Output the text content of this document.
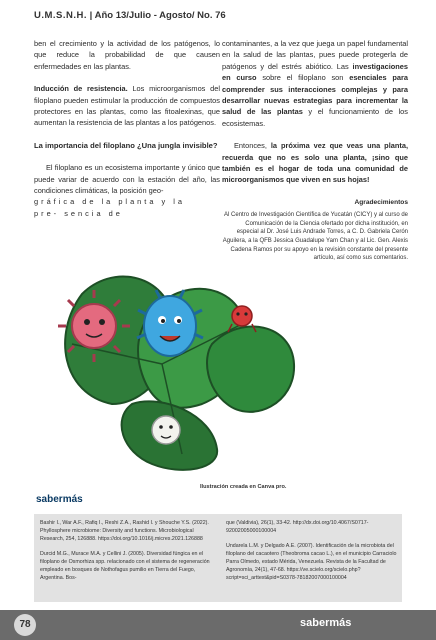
U.M.S.N.H. | Año 13/Julio - Agosto/ No. 76

ben el crecimiento y la actividad de los patógenos, lo que reduce la probabilidad de que causen enfermedades en las plantas.

Inducción de resistencia. Los microorganismos del filoplano pueden estimular la producción de compuestos protectores en las plantas, como las fitoalexinas, que aumentan la resistencia de las plantas a los patógenos.

La importancia del filoplano ¿Una jungla invisible?

El filoplano es un ecosistema importante y único que puede variar de acuerdo con la estación del año, las condiciones climáticas, la posición geo-
gráfica de la planta y la
pre- sencia de

contaminantes, a la vez que juega un papel fundamental en la salud de las plantas, pues puede protegerla de patógenos y del estrés abiótico. Las investigaciones en curso sobre el filoplano son esenciales para comprender sus interacciones complejas y para desarrollar nuevas estrategias para incrementar la salud de las plantas y el funcionamiento de los ecosistemas.

Entonces, la próxima vez que veas una planta, recuerda que no es solo una planta, ¡sino que también es el hogar de toda una comunidad de microorganismos que viven en sus hojas!

Agradecimientos
Al Centro de Investigación Científica de Yucatán (CICY) y al curso de Comunicación de la Ciencia ofertado por dicha institución, en especial al Dr. José Luis Andrade Torres, a C. D. Gabriela Cerón Aguilera, a la QFB Jessica Guadalupe Yam Chan y al Lic. Gen. Alexis Cadena Ramos por su apoyo en la revisión constante del presente artículo, así como sus comentarios.
Ilustración creada en Canva pro.
sabermás

Bashir I., War A.F., Rafiq I., Reshi Z.A., Rashid I. y Shouche Y.S. (2022). Phyllosphere microbiome: Diversity and functions. Microbiological Research, 254, 126888. https://doi.org/10.1016/j.micres.2021.126888

Durcid M.G., Murace M.A. y Cellini J. (2005). Diversidad fúngica en el filoplano de Osmorhiza spp. relacionado con el sistema de regeneración empleado en bosques de Nothofagus pumilio en Tierra del Fuego, Argentina. Bos-

que (Valdivia), 26(1), 33-42. http://dx.doi.org/10.4067/S0717-92002005000100004

Undarela L.M. y Delgado A.E. (2007). Identificación de la microbiota del filoplano del cacaotero (Theobroma cacao L.), en el municipio Carraciolo Parra Olmedo, estado Mérida, Venezuela. Revista de la Facultad de Agronomía, 24(1), 47-68. https://ve.scielo.org/scielo.php?script=sci_arttext&pid=S0378-78182007000100004

78	sabermás
